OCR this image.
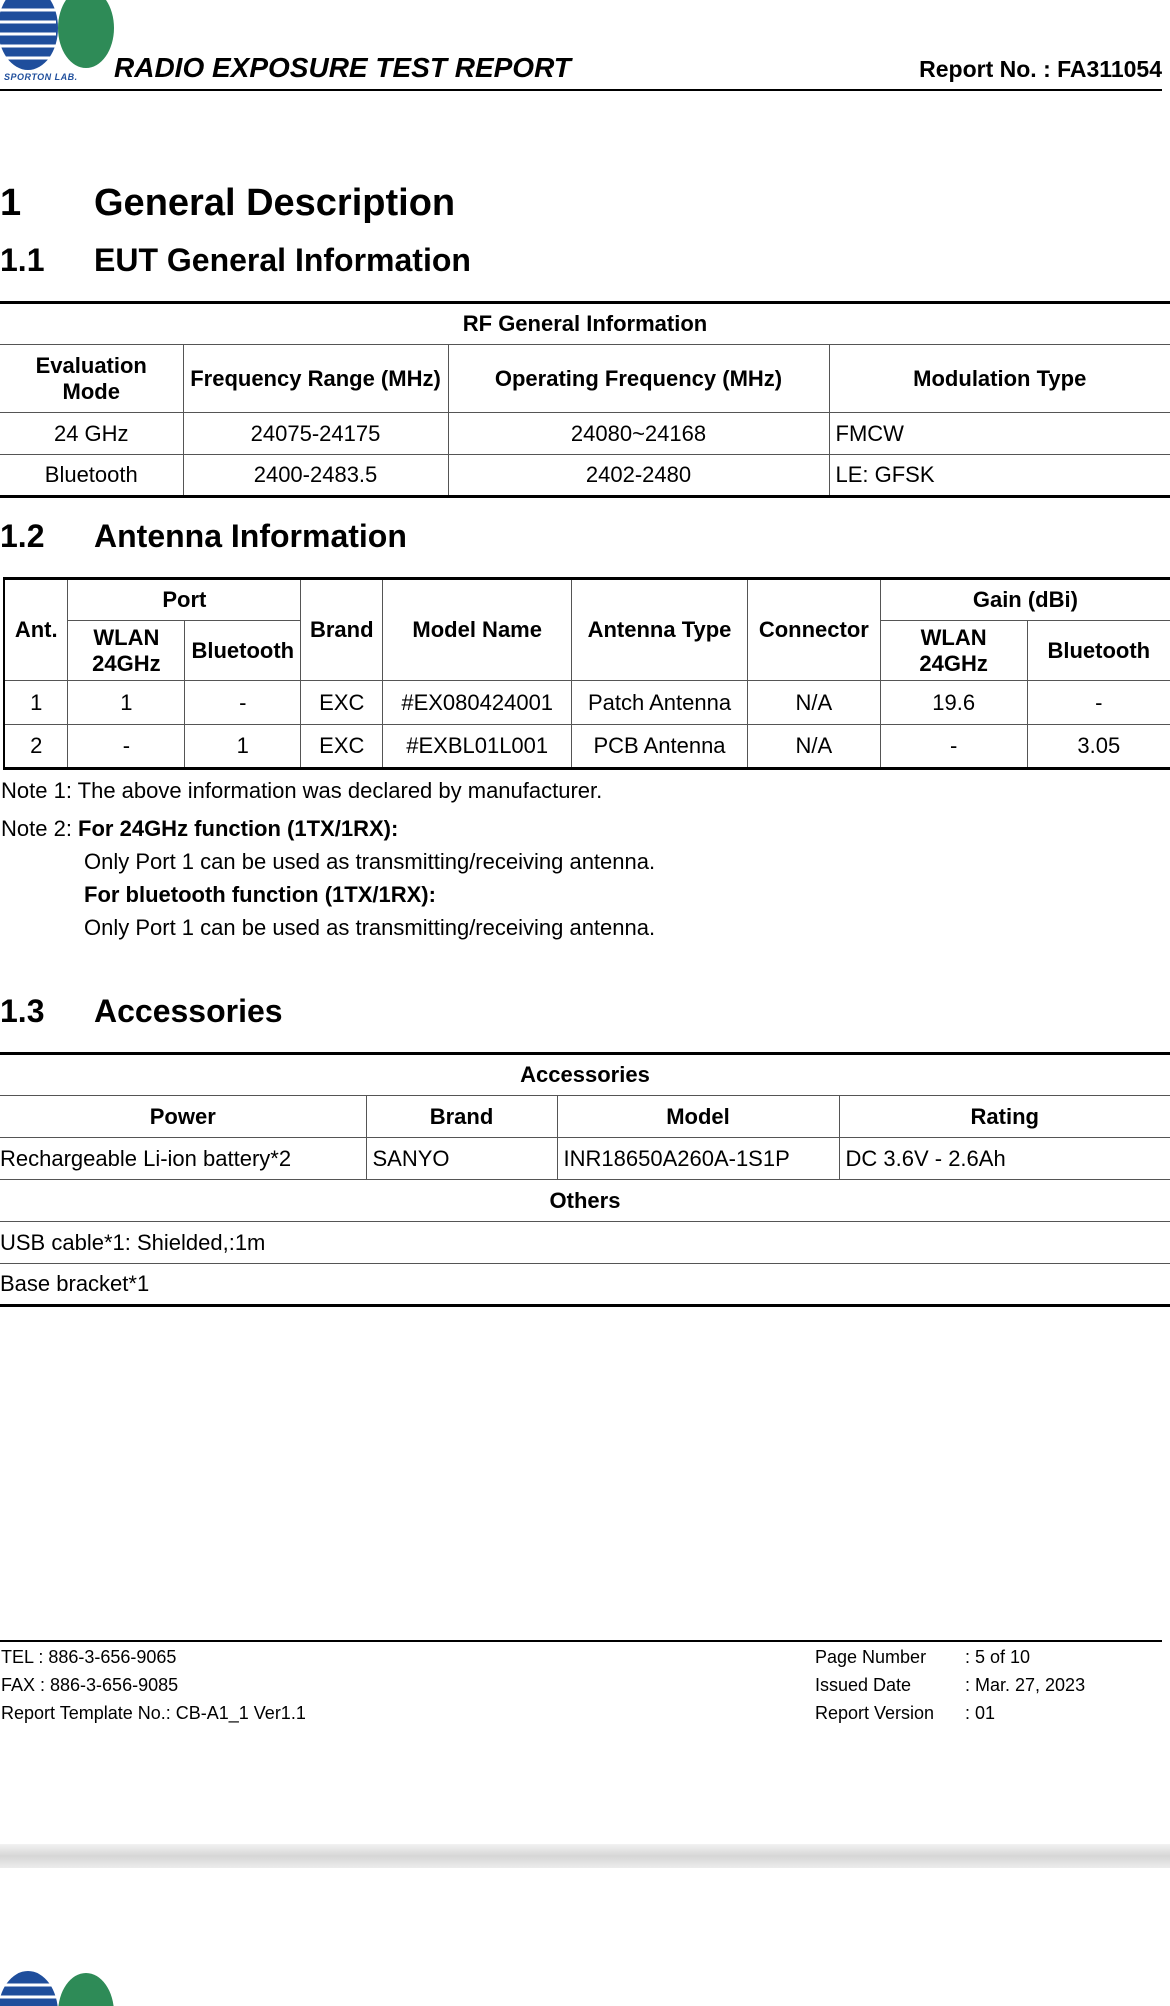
SPORTON LAB. RADIO EXPOSURE TEST REPORT	Report No. : FA311054
1 General Description
1.1 EUT General Information
RF General Information			
Evaluation Mode	Frequency Range (MHz)	Operating Frequency (MHz)	Modulation Type
24 GHz	24075-24175	24080~24168	FMCW
Bluetooth	2400-2483.5	2402-2480	LE: GFSK
1.2 Antenna Information
Ant.	Port		Brand	Model Name	Antenna Type	Connector	Gain (dBi)	
	WLAN 24GHz	Bluetooth					WLAN 24GHz	Bluetooth
1	1	-	EXC	#EX080424001	Patch Antenna	N/A	19.6	-
2	-	1	EXC	#EXBL01L001	PCB Antenna	N/A	-	3.05
Note 1: The above information was declared by manufacturer.
Note 2: For 24GHz function (1TX/1RX):
Only Port 1 can be used as transmitting/receiving antenna.
For bluetooth function (1TX/1RX):
Only Port 1 can be used as transmitting/receiving antenna.
1.3 Accessories
Accessories			
Power	Brand	Model	Rating
Rechargeable Li-ion battery*2	SANYO	INR18650A260A-1S1P	DC 3.6V - 2.6Ah
Others			
USB cable*1: Shielded,:1m			
Base bracket*1			
TEL : 886-3-656-9065
FAX : 886-3-656-9085
Report Template No.: CB-A1_1 Ver1.1
Page Number : 5 of 10
Issued Date	: Mar. 27, 2023
Report Version : 01
